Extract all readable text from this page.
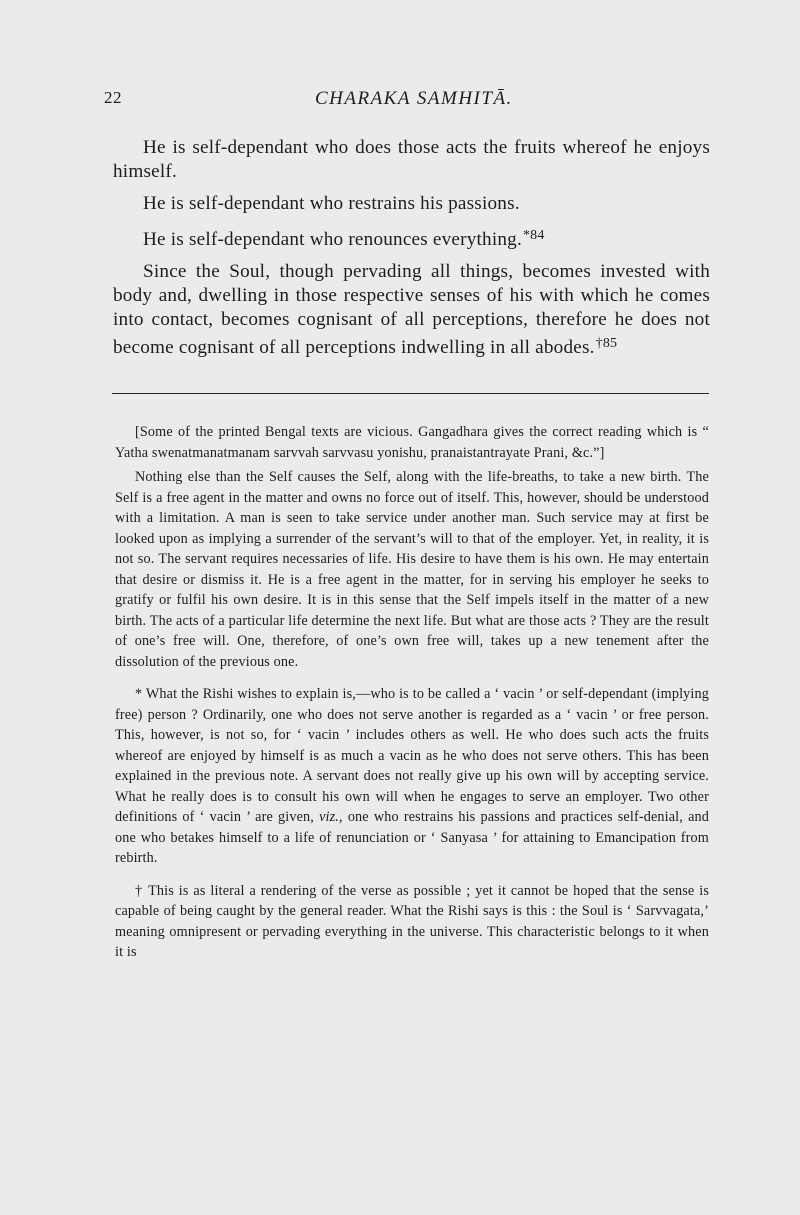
22	CHARAKA SAMHITĀ.

He is self-dependant who does those acts the fruits whereof he enjoys himself.

He is self-dependant who restrains his passions.

He is self-dependant who renounces everything.$^{*84}$

Since the Soul, though pervading all things, becomes invested with body and, dwelling in those respective senses of his with which he comes into contact, becomes cognisant of all perceptions, therefore he does not become cognisant of all perceptions indwelling in all abodes.$^{\dagger 85}$

[Some of the printed Bengal texts are vicious. Gangadhara gives the correct reading which is “ Yatha swenatmanatmanam sarvvah sarvvasu yonishu, pranaistantrayate Prani, &c.”]

Nothing else than the Self causes the Self, along with the life-breaths, to take a new birth. The Self is a free agent in the matter and owns no force out of itself. This, however, should be understood with a limitation. A man is seen to take service under another man. Such service may at first be looked upon as implying a surrender of the servant’s will to that of the employer. Yet, in reality, it is not so. The servant requires necessaries of life. His desire to have them is his own. He may entertain that desire or dismiss it. He is a free agent in the matter, for in serving his employer he seeks to gratify or fulfil his own desire. It is in this sense that the Self impels itself in the matter of a new birth. The acts of a particular life determine the next life. But what are those acts ? They are the result of one’s free will. One, therefore, of one’s own free will, takes up a new tenement after the dissolution of the previous one.

* What the Rishi wishes to explain is,—who is to be called a ‘ vacin ’ or self-dependant (implying free) person ? Ordinarily, one who does not serve another is regarded as a ‘ vacin ’ or free person. This, however, is not so, for ‘ vacin ’ includes others as well. He who does such acts the fruits whereof are enjoyed by himself is as much a vacin as he who does not serve others. This has been explained in the previous note. A servant does not really give up his own will by accepting service. What he really does is to consult his own will when he engages to serve an employer. Two other definitions of ‘ vacin ’ are given, viz., one who restrains his passions and practices self-denial, and one who betakes himself to a life of renunciation or ‘ Sanyasa ’ for attaining to Emancipation from rebirth.

† This is as literal a rendering of the verse as possible ; yet it cannot be hoped that the sense is capable of being caught by the general reader. What the Rishi says is this : the Soul is ‘ Sarvvagata,’ meaning omnipresent or pervading everything in the universe. This characteristic belongs to it when it is
